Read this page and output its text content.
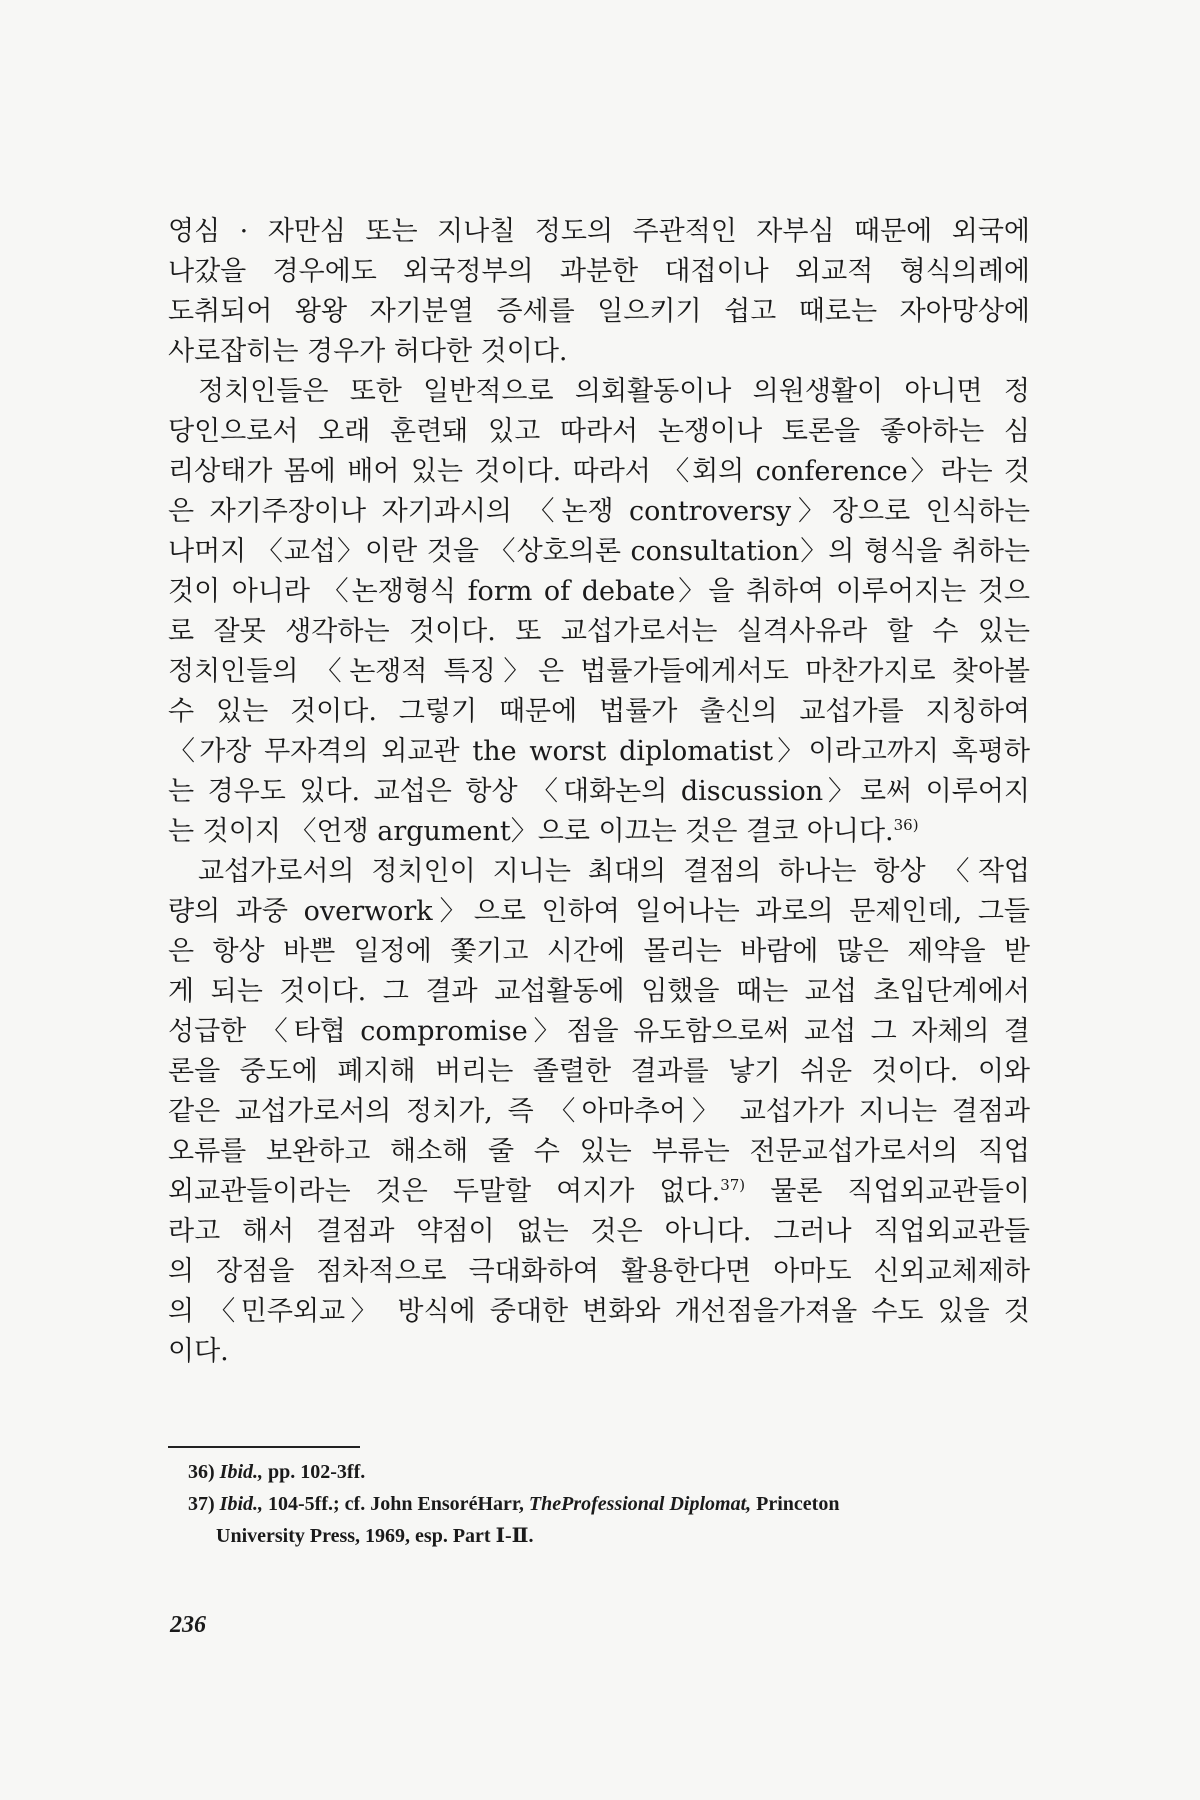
영심 · 자만심 또는 지나칠 정도의 주관적인 자부심 때문에 외국에
나갔을 경우에도 외국정부의 과분한 대접이나 외교적 형식의례에
도취되어 왕왕 자기분열 증세를 일으키기 쉽고 때로는 자아망상에
사로잡히는 경우가 허다한 것이다.
정치인들은 또한 일반적으로 의회활동이나 의원생활이 아니면 정
당인으로서 오래 훈련돼 있고 따라서 논쟁이나 토론을 좋아하는 심
리상태가 몸에 배어 있는 것이다. 따라서 〈회의 conference〉라는 것
은 자기주장이나 자기과시의 〈논쟁 controversy〉장으로 인식하는
나머지 〈교섭〉이란 것을 〈상호의론 consultation〉의 형식을 취하는
것이 아니라 〈논쟁형식 form of debate〉을 취하여 이루어지는 것으
로 잘못 생각하는 것이다. 또 교섭가로서는 실격사유라 할 수 있는
정치인들의 〈논쟁적 특징〉은 법률가들에게서도 마찬가지로 찾아볼
수 있는 것이다. 그렇기 때문에 법률가 출신의 교섭가를 지칭하여
〈가장 무자격의 외교관 the worst diplomatist〉이라고까지 혹평하
는 경우도 있다. 교섭은 항상 〈대화논의 discussion〉로써 이루어지
는 것이지 〈언쟁 argument〉으로 이끄는 것은 결코 아니다.$^{36)}$
교섭가로서의 정치인이 지니는 최대의 결점의 하나는 항상 〈작업
량의 과중 overwork〉으로 인하여 일어나는 과로의 문제인데, 그들
은 항상 바쁜 일정에 쫓기고 시간에 몰리는 바람에 많은 제약을 받
게 되는 것이다. 그 결과 교섭활동에 임했을 때는 교섭 초입단계에서
성급한 〈타협 compromise〉점을 유도함으로써 교섭 그 자체의 결
론을 중도에 폐지해 버리는 졸렬한 결과를 낳기 쉬운 것이다. 이와
같은 교섭가로서의 정치가, 즉 〈아마추어〉 교섭가가 지니는 결점과
오류를 보완하고 해소해 줄 수 있는 부류는 전문교섭가로서의 직업
외교관들이라는 것은 두말할 여지가 없다.$^{37)}$ 물론 직업외교관들이
라고 해서 결점과 약점이 없는 것은 아니다. 그러나 직업외교관들
의 장점을 점차적으로 극대화하여 활용한다면 아마도 신외교체제하
의 〈민주외교〉 방식에 중대한 변화와 개선점을가져올 수도 있을 것
이다.
36) Ibid., pp. 102-3ff.
37) Ibid., 104-5ff.; cf. John EnsoréHarr, TheProfessional Diplomat, Princeton
University Press, 1969, esp. Part Ⅰ-Ⅱ.
236
